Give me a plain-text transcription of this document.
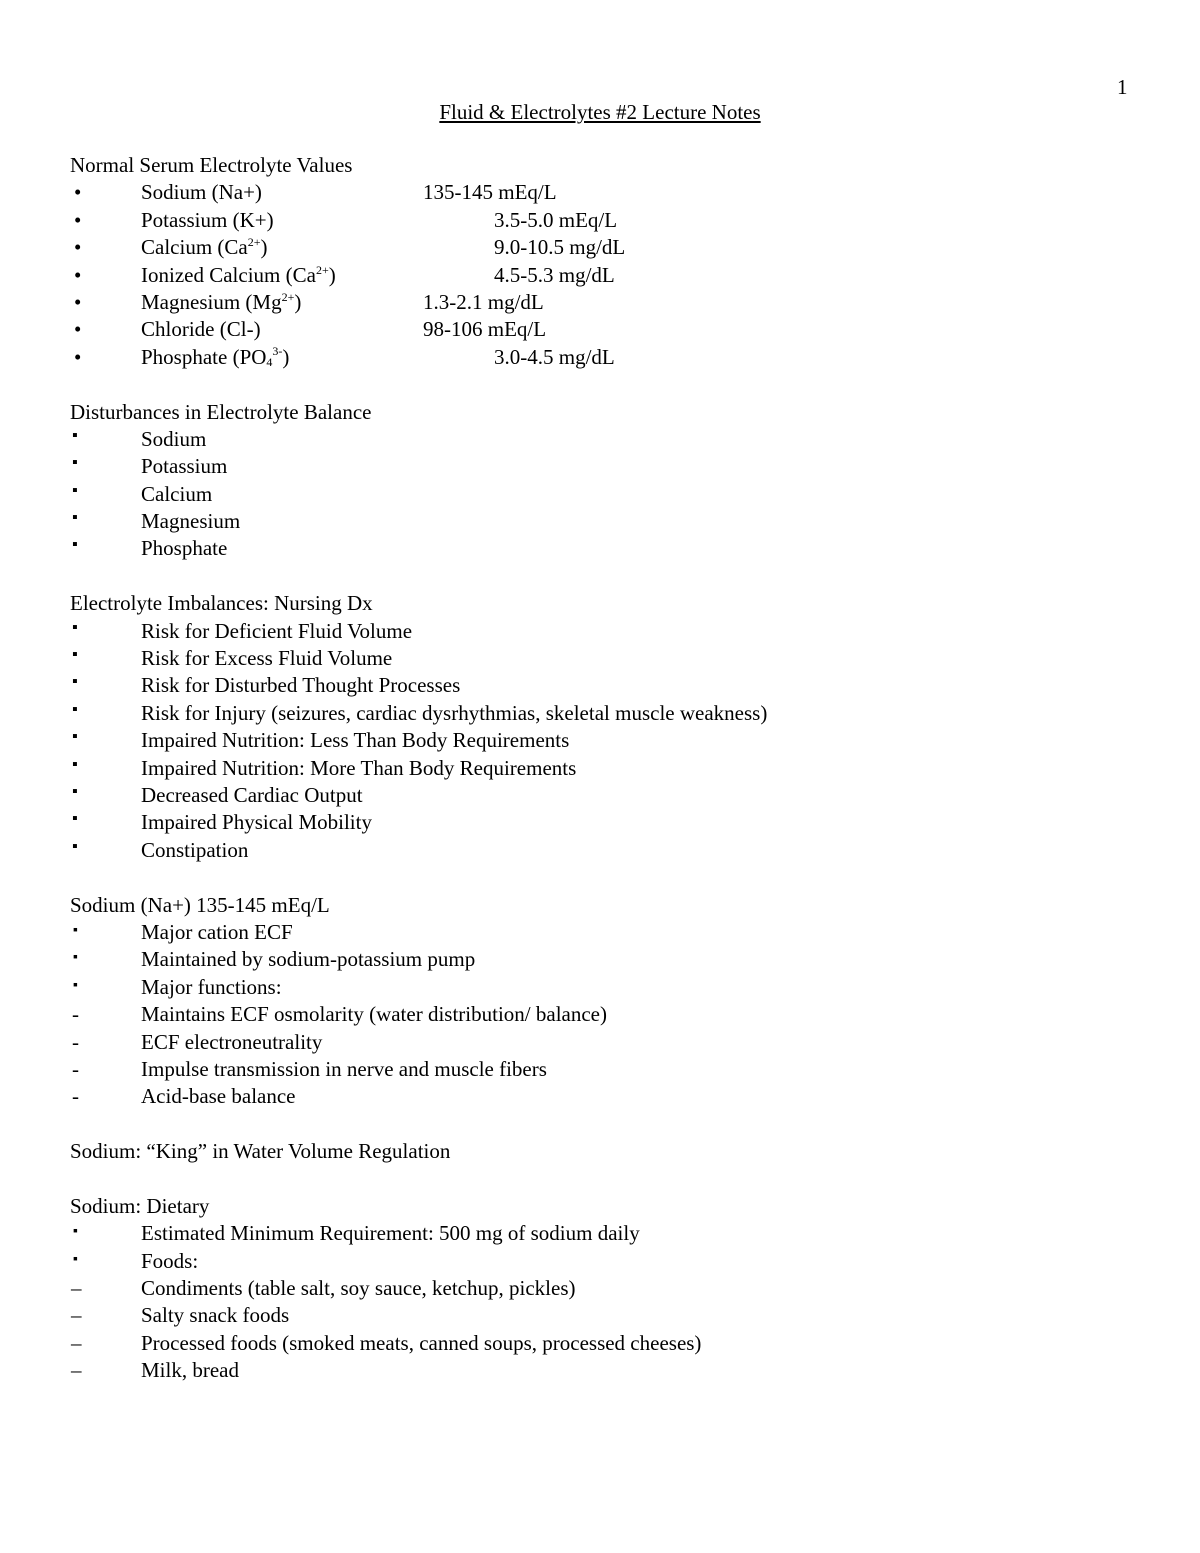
1
Fluid & Electrolytes #2 Lecture Notes
Normal Serum Electrolyte Values
•	Sodium (Na+)	135-145 mEq/L
•	Potassium (K+)	3.5-5.0 mEq/L
•	Calcium $(Ca^{2+})$	9.0-10.5 mg/dL
•	Ionized Calcium $(Ca^{2+})$	4.5-5.3 mg/dL
•	Magnesium $(Mg^{2+})$	1.3-2.1 mg/dL
•	Chloride (Cl-)	98-106 mEq/L
•	Phosphate $(PO_4^{3-})$	3.0-4.5 mg/dL
Disturbances in Electrolyte Balance
▪	Sodium
▪	Potassium
▪	Calcium
▪	Magnesium
▪	Phosphate
Electrolyte Imbalances: Nursing Dx
▪	Risk for Deficient Fluid Volume
▪	Risk for Excess Fluid Volume
▪	Risk for Disturbed Thought Processes
▪	Risk for Injury (seizures, cardiac dysrhythmias, skeletal muscle weakness)
▪	Impaired Nutrition: Less Than Body Requirements
▪	Impaired Nutrition: More Than Body Requirements
▪	Decreased Cardiac Output
▪	Impaired Physical Mobility
▪	Constipation
Sodium (Na+) 135-145 mEq/L
▪	Major cation ECF
▪	Maintained by sodium-potassium pump
▪	Major functions:
-	Maintains ECF osmolarity (water distribution/ balance)
-	ECF electroneutrality
-	Impulse transmission in nerve and muscle fibers
-	Acid-base balance
Sodium: “King” in Water Volume Regulation
Sodium: Dietary
▪	Estimated Minimum Requirement: 500 mg of sodium daily
▪	Foods:
–	Condiments (table salt, soy sauce, ketchup, pickles)
–	Salty snack foods
–	Processed foods (smoked meats, canned soups, processed cheeses)
–	Milk, bread
